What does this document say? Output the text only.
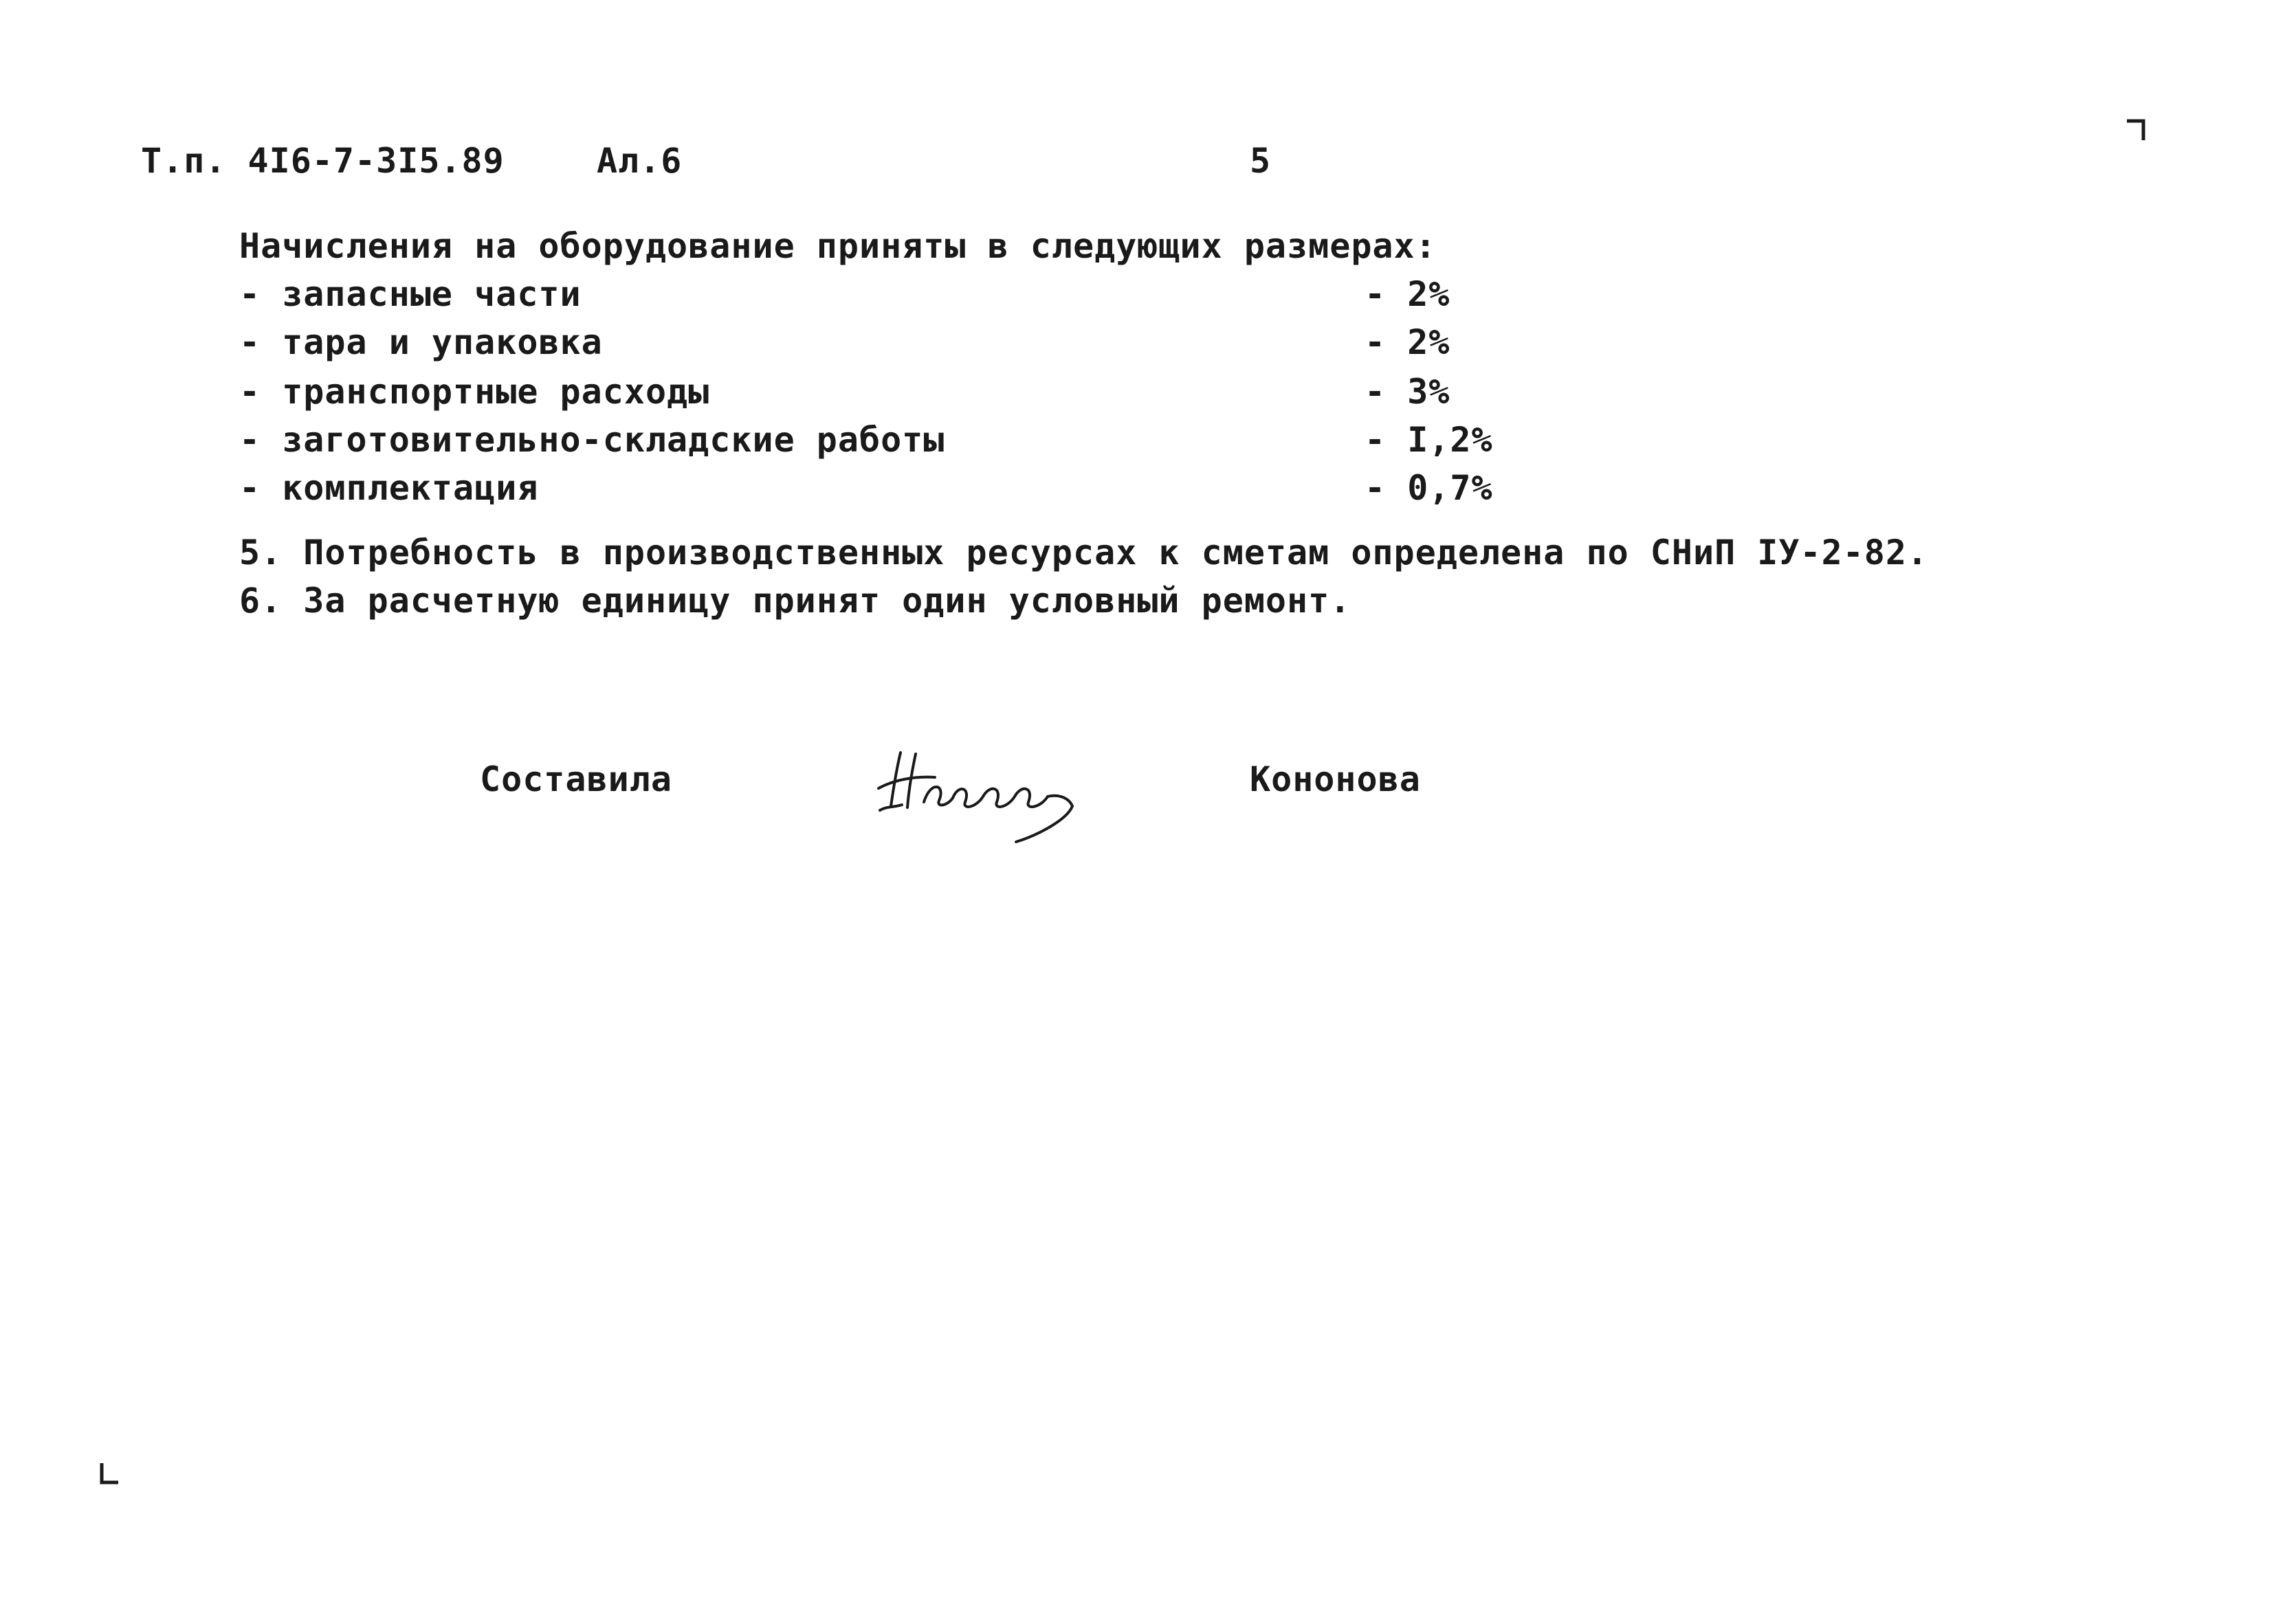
Т.п. 4I6-7-3I5.89	Ал.6	5
Начисления на оборудование приняты в следующих размерах:
- запасные части	- 2%
- тара и упаковка	- 2%
- транспортные расходы	- 3%
- заготовительно-складские работы	- I,2%
- комплектация	- 0,7%
5. Потребность в производственных ресурсах к сметам определена по СНиП IУ-2-82.
6. За расчетную единицу принят один условный ремонт.
Составила	Кононова
